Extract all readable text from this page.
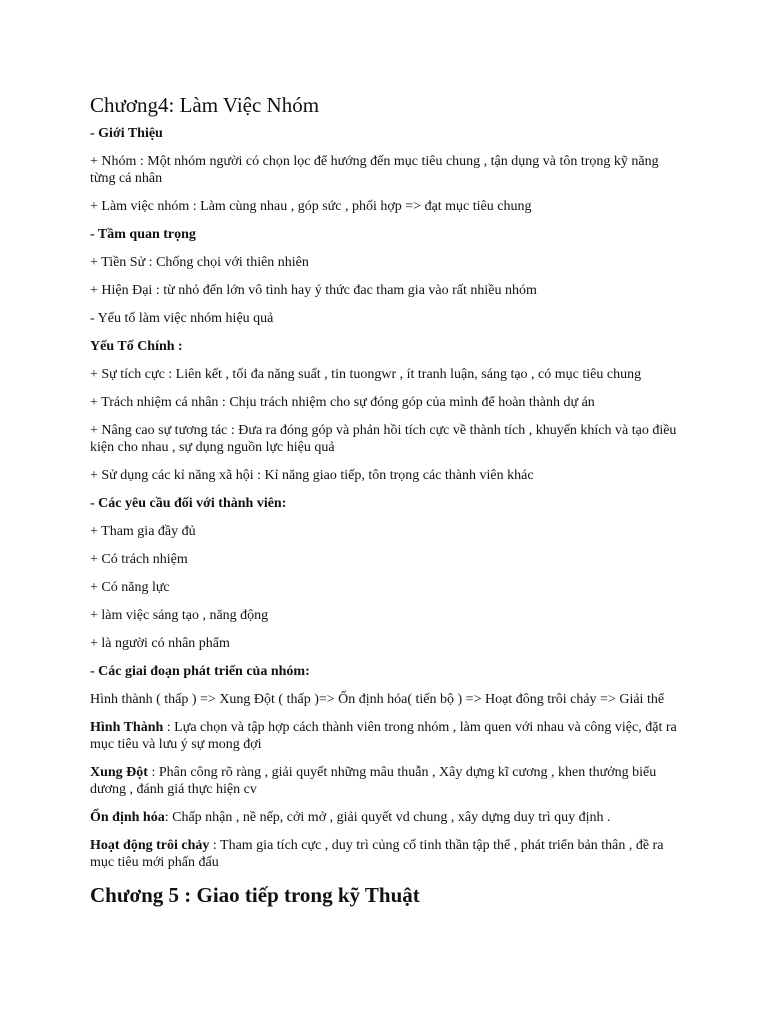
Chương4: Làm Việc Nhóm

- Giới Thiệu

+ Nhóm : Một nhóm người có chọn lọc để hướng đến mục tiêu chung , tận dụng và tôn trọng kỹ năng từng cá nhân

+ Làm việc nhóm : Làm cùng nhau , góp sức , phối hợp => đạt mục tiêu chung

- Tầm quan trọng

+ Tiền Sử : Chống chọi với thiên nhiên

+ Hiện Đại : từ nhỏ đến lớn vô tình hay ý thức đac tham gia vào rất nhiều nhóm

- Yếu tố làm việc nhóm hiệu quả

Yếu Tố Chính :

+ Sự tích cực : Liên kết , tối đa năng suất , tin tuongwr , ít tranh luận, sáng tạo , có mục tiêu chung

+ Trách nhiệm cá nhân : Chịu trách nhiệm cho sự đóng góp của mình để hoàn thành dự án

+ Nâng cao sự tương tác : Đưa ra đóng góp và phản hồi tích cực về thành tích , khuyến khích và tạo điều kiện cho nhau , sự dụng nguồn lực hiệu quả

+ Sử dụng các kỉ năng xã hội : Kỉ năng giao tiếp, tôn trọng các thành viên khác

- Các yêu cầu đối với thành viên:

+ Tham gia đầy đủ

+ Có trách nhiệm

+ Có năng lực

+ làm việc sáng tạo , năng động

+ là người có nhân phẩm

- Các giai đoạn phát triển của nhóm:

Hình thành ( thấp ) => Xung Đột ( thấp )=> Ổn định hóa( tiến bộ ) => Hoạt đông trôi chảy => Giải thể

Hình Thành : Lựa chọn và tập hợp cách thành viên trong nhóm , làm quen với nhau và công việc, đặt ra mục tiêu và lưu ý sự mong đợi

Xung Đột : Phân công rõ ràng , giải quyết những mâu thuẫn , Xây dựng kĩ cương , khen thưởng biểu dương , đánh giá thực hiện cv

Ổn định hóa: Chấp nhận , nề nếp, cởi mở , giải quyết vd chung , xây dựng duy trì quy định .

Hoạt động trôi chảy : Tham gia tích cực , duy trì củng cố tinh thần tập thể , phát triển bản thân , đề ra mục tiêu mới phấn đấu

Chương 5 : Giao tiếp trong kỹ Thuật
